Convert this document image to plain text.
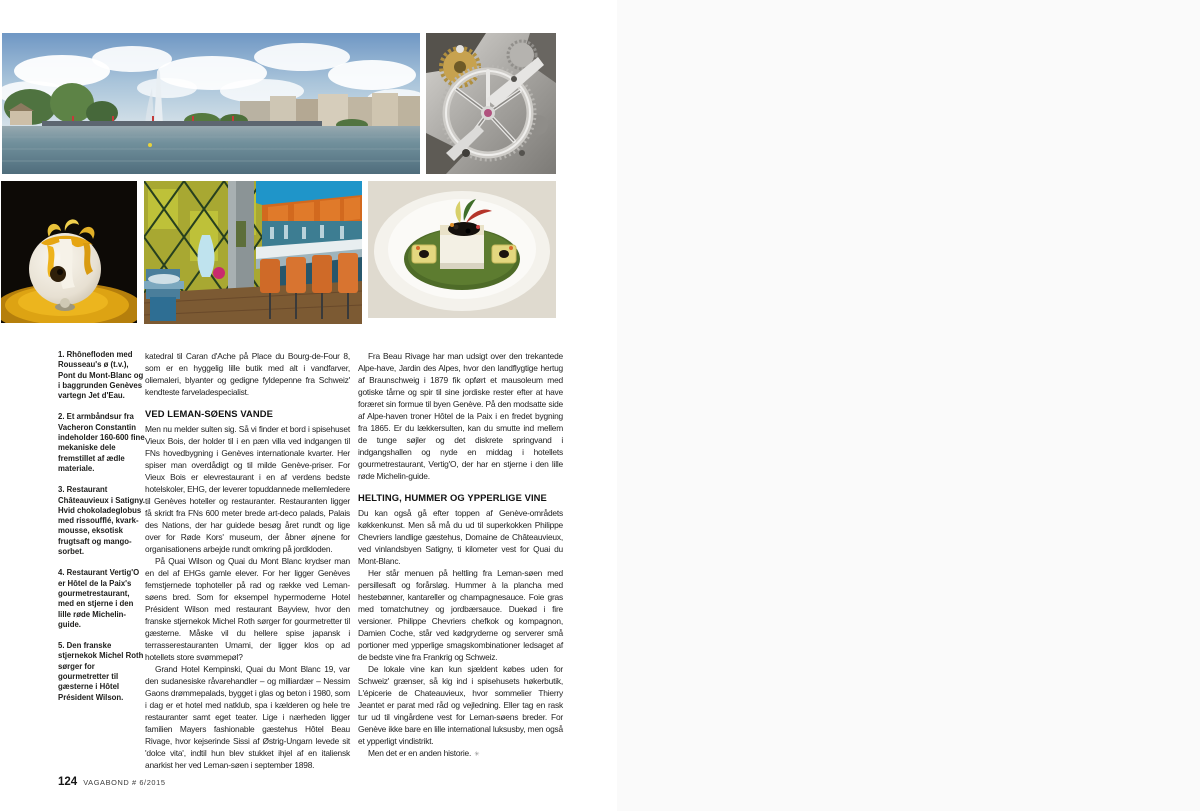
1. Rhônefloden med Rousseau's ø (t.v.), Pont du Mont-Blanc og i baggrunden Genèves vartegn Jet d'Eau.

2. Et armbåndsur fra Vacheron Constantin indeholder 160-600 fine mekaniske dele fremstillet af ædle materiale.

3. Restaurant Châteauvieux i Satigny. Hvid chokoladeglobus med rissoufflé, kvark-mousse, eksotisk frugtsaft og mango-sorbet.

4. Restaurant Vertig'O er Hôtel de la Paix's gourmetrestaurant, med en stjerne i den lille røde Michelin-guide.

5. Den franske stjernekok Michel Roth sørger for gourmetretter til gæsterne i Hôtel Président Wilson.

katedral til Caran d'Ache på Place du Bourg-de-Four 8, som er en hyggelig lille butik med alt i vandfarver, oliemaleri, blyanter og gedigne fyldepenne fra Schweiz' kendteste farveladespecialist.

VED LEMAN-SØENS VANDE

Men nu melder sulten sig. Så vi finder et bord i spisehuset Vieux Bois, der holder til i en pæn villa ved indgangen til FNs hovedbygning i Genèves internationale kvarter. Her spiser man overdådigt og til milde Genève-priser. For Vieux Bois er elevrestaurant i en af verdens bedste hotelskoler, EHG, der leverer topuddannede mellemledere til Genèves hoteller og restauranter. Restauranten ligger få skridt fra FNs 600 meter brede art-deco palads, Palais des Nations, der har guidede besøg året rundt og lige over for Røde Kors' museum, der åbner øjnene for organisationens arbejde rundt omkring på jordkloden.

På Quai Wilson og Quai du Mont Blanc krydser man en del af EHGs gamle elever. For her ligger Genèves femstjernede tophoteller på rad og række ved Leman-søens bred. Som for eksempel hypermoderne Hotel Président Wilson med restaurant Bayview, hvor den franske stjernekok Michel Roth sørger for gourmetretter til gæsterne. Måske vil du hellere spise japansk i terrasserestauranten Umami, der ligger klos op ad hotellets store svømmepøl?

Grand Hotel Kempinski, Quai du Mont Blanc 19, var den sudanesiske råvarehandler – og milliardær – Nessim Gaons drømmepalads, bygget i glas og beton i 1980, som i dag er et hotel med natklub, spa i kælderen og hele tre restauranter samt eget teater. Lige i nærheden ligger familien Mayers fashionable gæstehus Hôtel Beau Rivage, hvor kejserinde Sissi af Østrig-Ungarn levede sit 'dolce vita', indtil hun blev stukket ihjel af en italiensk anarkist her ved Leman-søen i september 1898.

Fra Beau Rivage har man udsigt over den trekantede Alpe-have, Jardin des Alpes, hvor den landflygtige hertug af Braunschweig i 1879 fik opført et mausoleum med gotiske tårne og spir til sine jordiske rester efter at have foræret sin formue til byen Genève. På den modsatte side af Alpe-haven troner Hôtel de la Paix i en fredet bygning fra 1865. Er du lækkersulten, kan du smutte ind mellem de tunge søjler og det diskrete springvand i indgangshallen og nyde en middag i hotellets gourmetrestaurant, Vertig'O, der har en stjerne i den lille røde Michelin-guide.

HELTING, HUMMER OG YPPERLIGE VINE

Du kan også gå efter toppen af Genève-områdets køkkenkunst. Men så må du ud til superkokken Philippe Chevriers landlige gæstehus, Domaine de Châteauvieux, ved vinlandsbyen Satigny, ti kilometer vest for Quai du Mont-Blanc.

Her står menuen på heltling fra Leman-søen med persillesaft og forårsløg. Hummer à la plancha med hestebønner, kantareller og champagnesauce. Foie gras med tomatchutney og jordbærsauce. Duekød i fire versioner. Philippe Chevriers chefkok og kompagnon, Damien Coche, står ved kødgryderne og serverer små portioner med ypperlige smagskombinationer ledsaget af de bedste vine fra Frankrig og Schweiz.

De lokale vine kan kun sjældent købes uden for Schweiz' grænser, så kig ind i spisehusets høkerbutik, L'épicerie de Chateauvieux, hvor sommelier Thierry Jeantet er parat med råd og vejledning. Eller tag en rask tur ud til vingårdene vest for Leman-søens breder. For Genève ikke bare en lille international luksusby, men også et ypperligt vindistrikt.

Men det er en anden historie. ✳

124 VAGABOND # 6/2015
